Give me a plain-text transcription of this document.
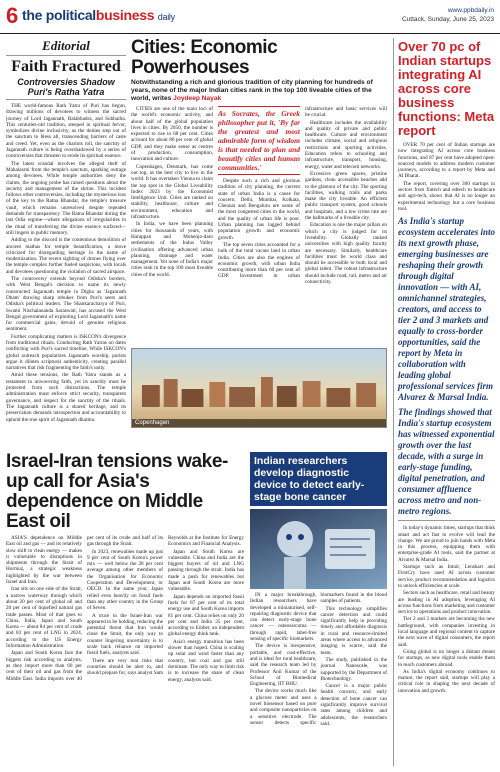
6 the politicalbusiness daily
www.ppbdaily.in
Cuttack, Sunday, June 25, 2023
Editorial
Faith Fractured
Controversies Shadow Puri's Ratha Yatra

THE world-famous Rath Yatra of Puri has begun, drawing millions of devotees to witness the sacred journey of Lord Jagannath, Balabhadra, and Subhadra. This centuries-old tradition, steeped in spiritual fervor, symbolizes divine inclusivity, as the deities step out of the sanctum to bless all, transcending barriers of caste and creed. Yet, even as the chariots roll, the sanctity of Jagannath culture is being overshadowed by a series of controversies that threaten to erode its spiritual essence.

The latest scandal involves the alleged theft of Mahalaxmi from the temple's sanctum, sparking outrage among devotees. While temple authorities deny the claims, the ongoing probe has raised questions about the security and management of the shrine. This incident follows other controversies, including the mysterious loss of the key to the Ratna Bhandar, the temple's treasure vault, which remains unresolved despite repeated demands for transparency. The Ratna Bhandar during the last Odia regime—where allegations of irregularities in the ritual of transferring the divine essence surfaced—still lingers in public memory.

Adding to the discord is the contentious demolition of ancient mathas for temple beautification, a move criticized for disregarding heritage in the name of modernization. The recent sighting of drones flying over the temple complex further fueled suspicions, with locals and devotees questioning the violation of sacred airspace.

The controversy extends beyond Odisha's borders, with West Bengal's decision to name its newly constructed Jagannath temple in Digha as 'Jagannath Dham' drawing sharp rebukes from Puri's seers and Odisha's political leaders. The Shankaracharya of Puri, Swami Nischalananda Saraswati, has accused the West Bengal government of exploiting Lord Jagannath's name for commercial gains, devoid of genuine religious sentiment.

Further complicating matters is ISKCON's divergence from traditional rituals. Conducting Rath Yatras on dates conflicting with Puri's sacred timeline, While ISKCON's global outreach popularizes Jagannath worship, purists argue it dilutes scriptural authenticity, creating parallel narratives that risk fragmenting the faith's unity.

Amid these tensions, the Rath Yatra stands as a testament to unwavering faith, yet its sanctity must be protected from such distractions. The temple administration must enforce strict security, transparent governance, and respect for the sanctity of the rituals. The Jagannath culture is a shared heritage, and its preservation demands introspection and accountability to uphold the true spirit of Jagannath dharma.

Cities: Economic Powerhouses
Notwithstanding a rich and glorious tradition of city planning for hundreds of years, none of the major Indian cities rank in the top 100 liveable cities of the world, writes Joydeep Nayak

CITIES are one of the main loci of the world's economic activity, and about half of the global population lives in cities. By 2050, the number is expected to rise to 68 per cent. Cities account for about 80 per cent of global GDP, and they make sense as centres of production, consumption, innovation and culture.

Copenhagen, Denmark, has come out top, as the best city to live in the world. It has overtaken Vienna to claim the top spot in the Global Liveability Index 2023 by the Economist Intelligence Unit. Cities are ranked on stability, healthcare, culture and environment, education and infrastructure.

In India, we have been planning cities for thousands of years, with Harappan and Mohenjo-daro settlements of the Indus Valley civilisation offering advanced urban planning, drainage and water management. Yet none of India's major cities rank in the top 100 most liveable cities of the world.

As Socrates, the Greek philosopher put it, 'By far the greatest and most admirable form of wisdom is that needed to plan and beautify cities and human communities.'

Despite such a rich and glorious tradition of city planning, the current state of urban India is a cause for concern. Delhi, Mumbai, Kolkata, Chennai and Bengaluru are some of the most congested cities in the world, and the quality of urban life is poor. Urban planning has lagged behind population growth and economic growth.

The top seven cities accounted for a bulk of the total vacant land in urban India. Cities are also the engines of economic growth, with urban India contributing more than 60 per cent of GDP. Investment in urban infrastructure and basic services will be crucial.

Healthcare includes the availability and quality of private and public healthcare. Culture and environment includes climate, social and religious restrictions and sporting activities. Education refers to schooling and infrastructure, transport, housing, energy, water and telecom networks.

Excessive green spaces, pristine gardens, clean accessible beaches add to the glamour of the city. The sporting facilities, walking trails and parks make the city liveable. An efficient public transport system, good schools and hospitals, and a low crime rate are the hallmarks of a liveable city.

Education is one the major pillars on which a city is judged for its liveability. Globally ranked universities with high quality faculty are necessary. Similarly, healthcare facilities must be world class and should be accessible to both local and global talent. The robust infrastructure should include road, rail, metro and air connectivity.

Copenhagen
Over 70 pc of Indian startups integrating AI across core business functions: Meta report

OVER 70 per cent of Indian startups are now integrating AI across core business functions, and 87 per cent have adopted open-sourced models to address modern customer journeys, according to a report by Meta and AI Bharat.

The report, covering over 300 startups in sectors from fintech and edtech to healthcare and agri-tech, shows that AI is no longer an experimental technology but a core business tool.

As India's startup ecosystem accelerates into its next growth phase, emerging businesses are reshaping their growth through digital innovation — with AI, omnichannel strategies, creators, and access to tier 2 and 3 markets and equally to cross-border opportunities, said the report by Meta in collaboration with leading global professional services firm Alvarez & Marsal India.
The findings showed that India's startup ecosystem has witnessed exponential growth over the last decade, with a surge in early-stage funding, digital penetration, and consumer affluence across metro and non-metro regions.

In today's dynamic times, startups that think smart and act fast to evolve will lead the change. We are proud to join hands with Meta in this process, equipping them with enterprise-grade AI tools, said the partner at Alvarez & Marsal India.

Startups such as Intuit, Lenskart and FirstCry have used AI across customer service, product recommendation and logistics to unlock efficiencies at scale.

Sectors such as healthcare, retail and beauty are leading in AI adoption, leveraging AI across functions from marketing and customer service to operations and product innovation.

Tier 2 and 3 markets are becoming the new battleground, with companies investing in local language and regional content to capture the next wave of digital consumers, the report said.

Going global is no longer a distant dream for startups, as new digital tools enable them to reach customers abroad.

As India's digital economy continues to mature, the report said, startups will play a critical role in shaping the next decade of innovation and growth.

Israel-Iran tensions wake-up call for Asia's dependence on Middle East oil

ASIA'S dependence on Middle East oil and gas — and its relatively slow shift to clean energy — makes it vulnerable to disruptions in shipments through the Strait of Hormuz, a strategic weakness highlighted by the war between Israel and Iran.

Iran sits on one side of the Strait, a narrow waterway through which about 20 per cent of global oil and 20 per cent of liquefied natural gas trade passes. Most of that goes to China, India, Japan and South Korea — about 84 per cent of crude and 83 per cent of LNG in 2024, according to the US Energy Information Administration.

Japan and South Korea face the biggest risk according to analysts, as they import more than 60 per cent of their oil and gas from the Middle East. India imports over 40 per cent of its crude and half of its gas through the Strait.

In 2023, renewables made up just 9 per cent of South Korea's power mix — well below the 28 per cent average among other members of the Organisation for Economic Cooperation and Development, or OECD. In the same year, Japan relied even heavily on fossil fuels than any other country in the Group of Seven.

A truce in the Israel-Iran war appeared to be holding, reducing the potential threat that Iran would close the Strait, the only way to counter lingering uncertainty is to scale back reliance on imported fossil fuels, analysts said.

There are very real risks that countries should be alert to, and should prepare for, says analyst Sam Reynolds at the Institute for Energy Economics and Financial Analysis.

Japan and South Korea are vulnerable. China and India are the biggest buyers of oil and LNG passing through the strait. India has made a push for renewables but Japan and South Korea are more vulnerable.

Japan depends on imported fossil fuels for 87 per cent of its total energy use and South Korea imports 81 per cent. China relies on only 20 per cent and India 35 per cent, according to Ember, an independent global energy think tank.

Asia's energy transition has been slower than hoped. China is scaling up solar and wind faster than any country, but coal and gas still dominate. The only way to limit risk is to increase the share of clean energy, analysts said.

Indian researchers develop diagnostic device to detect early-stage bone cancer

IN a major breakthrough, Indian researchers have developed a miniaturised, self-repairing diagnostic device that can detect early-stage bone cancer — osteosarcoma — through rapid, label-free sensing of specific biomarkers.

The device is inexpensive, portable, and cost-effective, and is ideal for rural healthcare, said the research team led by Professor Anil Kumar of the School of Biomedical Engineering, IIT BHU.

The device works much like a glucose meter and uses a novel biosensor based on pure and composite nanoparticles on a sensitive electrode. The sensor detects specific biomarkers found in the blood samples of patients.

This technology simplifies cancer detection and could significantly help in providing timely and affordable diagnosis in rural and resource-limited areas where access to advanced imaging is scarce, said the team.

The study, published in the journal Nanoscale, was supported by the Department of Biotechnology.

Cancer is a major public health concern, and early detection of bone cancer can significantly improve survival rates among children and adolescents, the researchers said.
